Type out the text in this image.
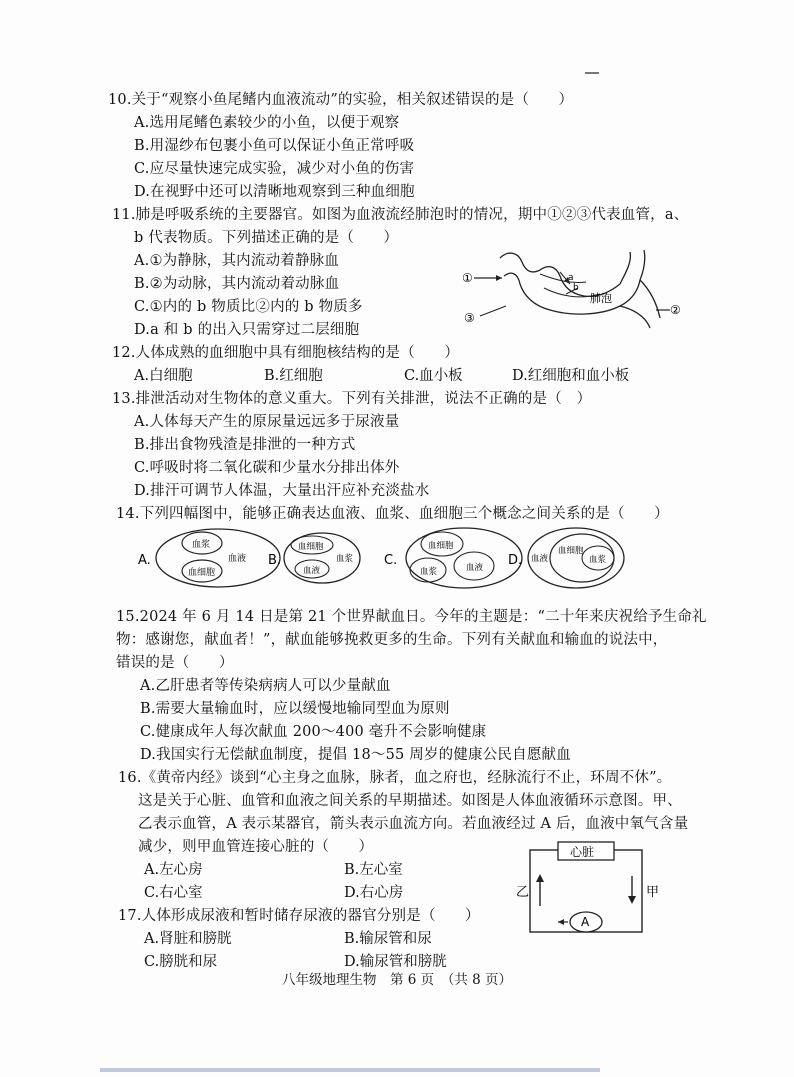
10.关于“观察小鱼尾鳍内血液流动”的实验，相关叙述错误的是（　　）
A.选用尾鳍色素较少的小鱼，以便于观察
B.用湿纱布包裹小鱼可以保证小鱼正常呼吸
C.应尽量快速完成实验，减少对小鱼的伤害
D.在视野中还可以清晰地观察到三种血细胞
11.肺是呼吸系统的主要器官。如图为血液流经肺泡时的情况，期中①②③代表血管，a、
b 代表物质。下列描述正确的是（　　）
A.①为静脉，其内流动着静脉血
B.②为动脉，其内流动着动脉血
C.①内的 b 物质比②内的 b 物质多
D.a 和 b 的出入只需穿过二层细胞
①
②
③
a
b
肺泡
12.人体成熟的血细胞中具有细胞核结构的是（　　）
A.白细胞	B.红细胞	C.血小板	D.红细胞和血小板
13.排泄活动对生物体的意义重大。下列有关排泄，说法不正确的是（　）
A.人体每天产生的原尿量远远多于尿液量
B.排出食物残渣是排泄的一种方式
C.呼吸时将二氧化碳和少量水分排出体外
D.排汗可调节人体温，大量出汗应补充淡盐水
14.下列四幅图中，能够正确表达血液、血浆、血细胞三个概念之间关系的是（　　）
A.
血浆
血细胞
血液 B.
血细胞
血液
血浆 C.
血细胞
血浆	血液 D. 血液
血细胞
血浆
15.2024 年 6 月 14 日是第 21 个世界献血日。今年的主题是：“二十年来庆祝给予生命礼
物：感谢您，献血者！”，献血能够挽救更多的生命。下列有关献血和输血的说法中，
错误的是（　　）
A.乙肝患者等传染病病人可以少量献血
B.需要大量输血时，应以缓慢地输同型血为原则
C.健康成年人每次献血 200～400 毫升不会影响健康
D.我国实行无偿献血制度，提倡 18～55 周岁的健康公民自愿献血
16.《黄帝内经》谈到“心主身之血脉，脉者，血之府也，经脉流行不止，环周不休”。
这是关于心脏、血管和血液之间关系的早期描述。如图是人体血液循环示意图。甲、
乙表示血管，A 表示某器官，箭头表示血流方向。若血液经过 A 后，血液中氧气含量
减少，则甲血管连接心脏的（　　）
A.左心房	B.左心室
C.右心室	D.右心房
心脏
A
乙	甲
17.人体形成尿液和暂时储存尿液的器官分别是（　　）
A.肾脏和膀胱	B.输尿管和尿
C.膀胱和尿	D.输尿管和膀胱
八年级地理生物　第 6 页　（共 8 页）
